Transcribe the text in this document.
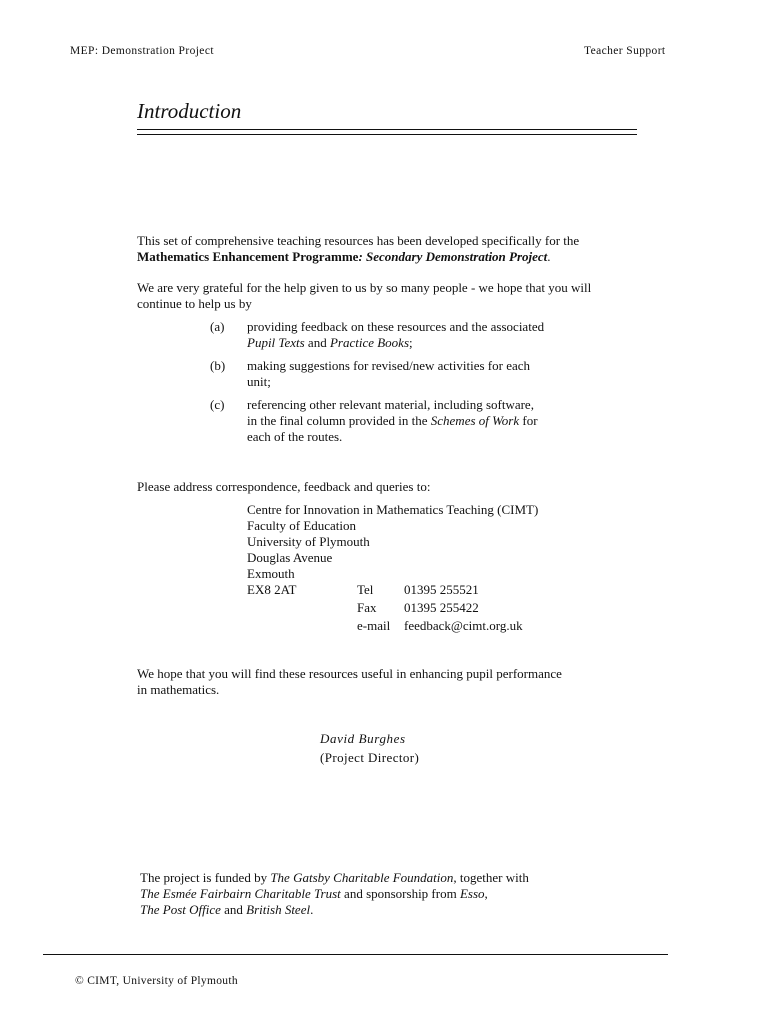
MEP: Demonstration Project	Teacher Support
Introduction
This set of comprehensive teaching resources has been developed specifically for the
Mathematics Enhancement Programme: Secondary Demonstration Project.
We are very grateful for the help given to us by so many people - we hope that you will
continue to help us by
(a) providing feedback on these resources and the associated
Pupil Texts and Practice Books;
(b) making suggestions for revised/new activities for each
unit;
(c) referencing other relevant material, including software,
in the final column provided in the Schemes of Work for
each of the routes.
Please address correspondence, feedback and queries to:
Centre for Innovation in Mathematics Teaching (CIMT)
Faculty of Education
University of Plymouth
Douglas Avenue
Exmouth
EX8 2AT	Tel 01395 255521
Fax 01395 255422
e-mail feedback@cimt.org.uk
We hope that you will find these resources useful in enhancing pupil performance
in mathematics.
David Burghes
(Project Director)
The project is funded by The Gatsby Charitable Foundation, together with
The Esmée Fairbairn Charitable Trust and sponsorship from Esso,
The Post Office and British Steel.
© CIMT, University of Plymouth
